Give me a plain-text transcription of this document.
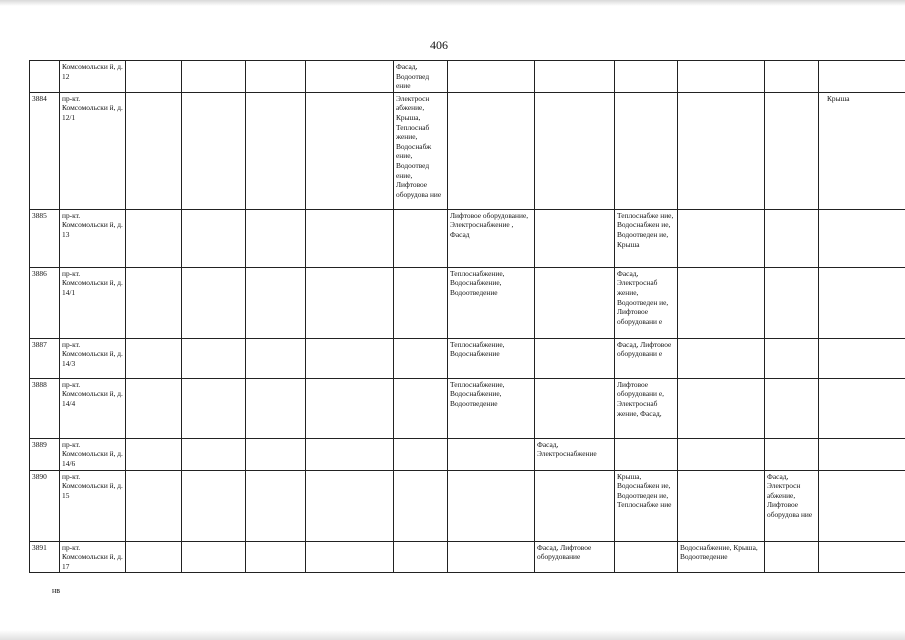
406
	Комсомольски й, д. 12					Фасад, Водоотвед ение						
3884	пр-кт. Комсомольски й, д. 12/1					Электросн абжение, Крыша, Теплоснаб жение, Водоснабж ение, Водоотвед ение, Лифтовое оборудова ние						Крыша
3885	пр-кт. Комсомольски й, д. 13						Лифтовое оборудование, Электроснабжение , Фасад		Теплоснабже ние, Водоснабжен ие, Водоотведен ие, Крыша			
3886	пр-кт. Комсомольски й, д. 14/1						Теплоснабжение, Водоснабжение, Водоотведение		Фасад, Электроснаб жение, Водоотведен ие, Лифтовое оборудовани е			
3887	пр-кт. Комсомольски й, д. 14/3						Теплоснабжение, Водоснабжение		Фасад, Лифтовое оборудовани е			
3888	пр-кт. Комсомольски й, д. 14/4						Теплоснабжение, Водоснабжение, Водоотведение		Лифтовое оборудовани е, Электроснаб жение, Фасад,			
3889	пр-кт. Комсомольски й, д. 14/6							Фасад, Электроснабжение				
3890	пр-кт. Комсомольски й, д. 15								Крыша, Водоснабжен ие, Водоотведен ие, Теплоснабже ние		Фасад, Электросн абжение, Лифтовое оборудова ние	
3891	пр-кт. Комсомольски й, д. 17							Фасад, Лифтовое оборудование		Водоснабжение, Крыша, Водоотведение		
нв
